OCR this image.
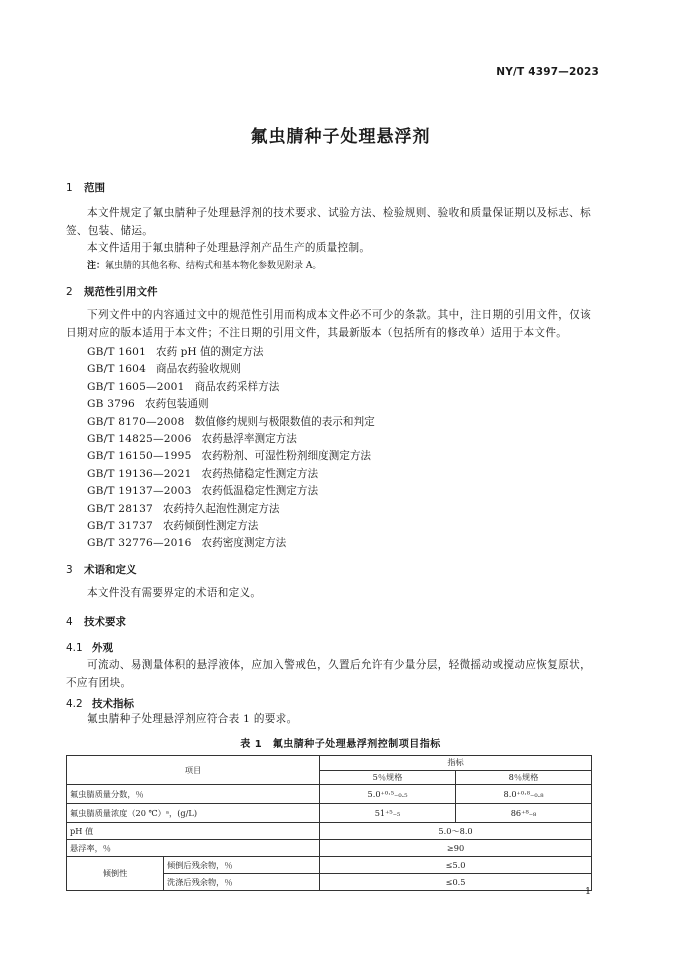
NY/T 4397—2023
氟虫腈种子处理悬浮剂
1 范围
本文件规定了氟虫腈种子处理悬浮剂的技术要求、试验方法、检验规则、验收和质量保证期以及标志、标签、包装、储运。
本文件适用于氟虫腈种子处理悬浮剂产品生产的质量控制。
注：氟虫腈的其他名称、结构式和基本物化参数见附录 A。
2 规范性引用文件
下列文件中的内容通过文中的规范性引用而构成本文件必不可少的条款。其中，注日期的引用文件，仅该日期对应的版本适用于本文件；不注日期的引用文件，其最新版本（包括所有的修改单）适用于本文件。
GB/T 1601 农药 pH 值的测定方法
GB/T 1604 商品农药验收规则
GB/T 1605—2001 商品农药采样方法
GB 3796 农药包装通则
GB/T 8170—2008 数值修约规则与极限数值的表示和判定
GB/T 14825—2006 农药悬浮率测定方法
GB/T 16150—1995 农药粉剂、可湿性粉剂细度测定方法
GB/T 19136—2021 农药热储稳定性测定方法
GB/T 19137—2003 农药低温稳定性测定方法
GB/T 28137 农药持久起泡性测定方法
GB/T 31737 农药倾倒性测定方法
GB/T 32776—2016 农药密度测定方法
3 术语和定义
本文件没有需要界定的术语和定义。
4 技术要求
4.1 外观
可流动、易测量体积的悬浮液体，应加入警戒色，久置后允许有少量分层，轻微摇动或搅动应恢复原状，不应有团块。
4.2 技术指标
氟虫腈种子处理悬浮剂应符合表 1 的要求。
表 1　氟虫腈种子处理悬浮剂控制项目指标
项目		指标	
		5％规格	8％规格
氟虫腈质量分数，％		5.0⁺⁰·⁵₋₀.₅	8.0⁺⁰·⁸₋₀.₈
氟虫腈质量浓度（20 ℃）ᵃ，(g/L)		51⁺⁵₋₅	86⁺⁸₋₈
pH 值		5.0～8.0	
悬浮率，％		≥90	
倾倒性	倾倒后残余物，％	≤5.0	
	洗涤后残余物，％	≤0.5	
1
